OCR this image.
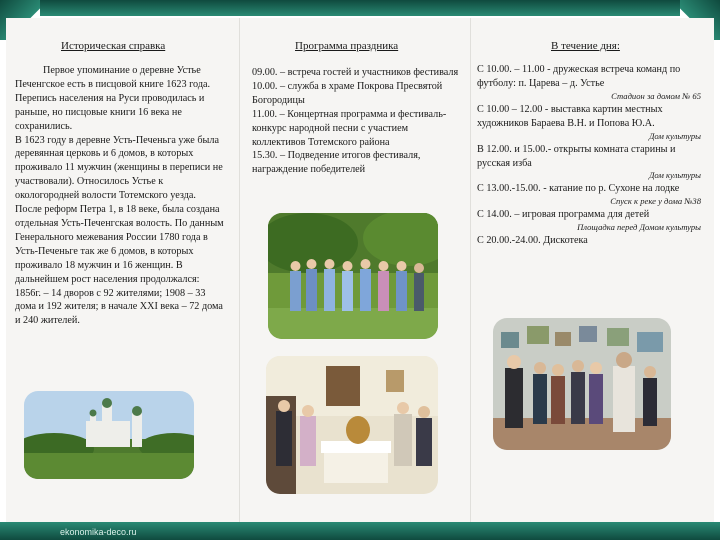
Историческая справка

Первое упоминание о деревне Устье Печенгское есть в писцовой книге 1623 года. Перепись населения на Руси проводилась и раньше, но писцовые книги 16 века не сохранились.

В 1623 году в деревне Усть-Печеньга уже была деревянная церковь и 6 домов, в которых проживало 11 мужчин (женщины в переписи не участвовали). Относилось Устье к окологородней волости Тотемского уезда. После реформ Петра 1, в 18 веке, была создана отдельная Усть-Печенгская волость. По данным Генерального межевания России 1780 года в Усть-Печеньге так же 6 домов, в которых проживало 18 мужчин и 16 женщин. В дальнейшем рост населения продолжался: 1856г. – 14 дворов с 92 жителями; 1908 – 33 дома и 192 жителя; в начале XXI века – 72 дома и 240 жителей.

Программа праздника

09.00. – встреча гостей и участников фестиваля

10.00. – служба в храме Покрова Пресвятой Богородицы

11.00. – Концертная программа и фестиваль-конкурс народной песни с участием коллективов Тотемского района

15.30. – Подведение итогов фестиваля, награждение победителей

В течение дня:

С 10.00. – 11.00 - дружеская встреча команд по футболу: п. Царева – д. Устье

Стадион за домом № 65

С 10.00 – 12.00 - выставка картин местных художников Бараева В.Н. и Попова Ю.А.

Дом культуры

В 12.00. и 15.00.- открыты комната старины и русская изба

Дом культуры

С 13.00.-15.00. - катание по р. Сухоне на лодке

Спуск к реке у дома №38

С 14.00. – игровая программа для детей

Площадка перед Домом культуры

С 20.00.-24.00. Дискотека

ekonomika-deco.ru
